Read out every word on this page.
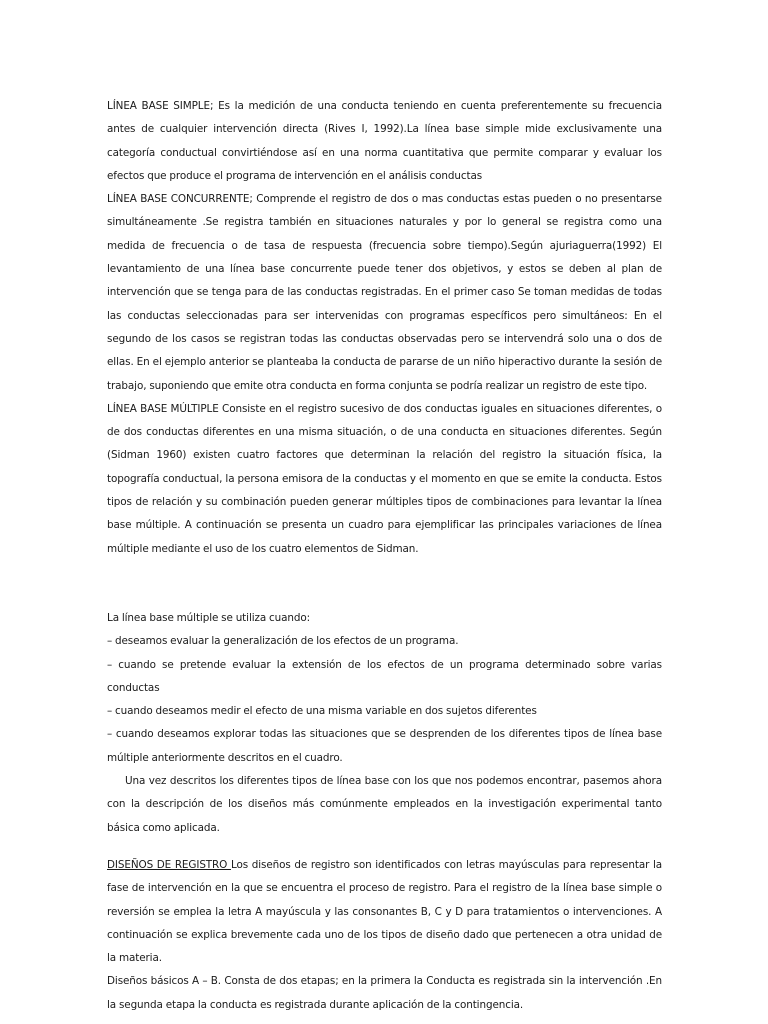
LÍNEA BASE SIMPLE; Es la medición de una conducta teniendo en cuenta preferentemente su frecuencia antes de cualquier intervención directa (Rives I, 1992).La línea base simple mide exclusivamente una categoría conductual convirtiéndose así en una norma cuantitativa que permite comparar y evaluar los efectos que produce el programa de intervención en el análisis conductas

LÍNEA BASE CONCURRENTE; Comprende el registro de dos o mas conductas estas pueden o no presentarse simultáneamente .Se registra también en situaciones naturales y por lo general se registra como una medida de frecuencia o de tasa de respuesta (frecuencia sobre tiempo).Según ajuriaguerra(1992) El levantamiento de una línea base concurrente puede tener dos objetivos, y estos se deben al plan de intervención que se tenga para de las conductas registradas. En el primer caso Se toman medidas de todas las conductas seleccionadas para ser intervenidas con programas específicos pero simultáneos: En el segundo de los casos se registran todas las conductas observadas pero se intervendrá solo una o dos de ellas. En el ejemplo anterior se planteaba la conducta de pararse de un niño hiperactivo durante la sesión de trabajo, suponiendo que emite otra conducta en forma conjunta se podría realizar un registro de este tipo.

LÍNEA BASE MÚLTIPLE Consiste en el registro sucesivo de dos conductas iguales en situaciones diferentes, o de dos conductas diferentes en una misma situación, o de una conducta en situaciones diferentes. Según (Sidman 1960) existen cuatro factores que determinan la relación del registro la situación física, la topografía conductual, la persona emisora de la conductas y el momento en que se emite la conducta. Estos tipos de relación y su combinación pueden generar múltiples tipos de combinaciones para levantar la línea base múltiple. A continuación se presenta un cuadro para ejemplificar las principales variaciones de línea múltiple mediante el uso de los cuatro elementos de Sidman.

La línea base múltiple se utiliza cuando:

– deseamos evaluar la generalización de los efectos de un programa.

– cuando se pretende evaluar la extensión de los efectos de un programa determinado sobre varias conductas

– cuando deseamos medir el efecto de una misma variable en dos sujetos diferentes

– cuando deseamos explorar todas las situaciones que se desprenden de los diferentes tipos de línea base múltiple anteriormente descritos en el cuadro.

Una vez descritos los diferentes tipos de línea base con los que nos podemos encontrar, pasemos ahora con la descripción de los diseños más comúnmente empleados en la investigación experimental tanto básica como aplicada.

DISEÑOS DE REGISTRO Los diseños de registro son identificados con letras mayúsculas para representar la fase de intervención en la que se encuentra el proceso de registro. Para el registro de la línea base simple o reversión se emplea la letra A mayúscula y las consonantes B, C y D para tratamientos o intervenciones. A continuación se explica brevemente cada uno de los tipos de diseño dado que pertenecen a otra unidad de la materia.

Diseños básicos A – B. Consta de dos etapas; en la primera la Conducta es registrada sin la intervención .En la segunda etapa la conducta es registrada durante aplicación de la contingencia.
